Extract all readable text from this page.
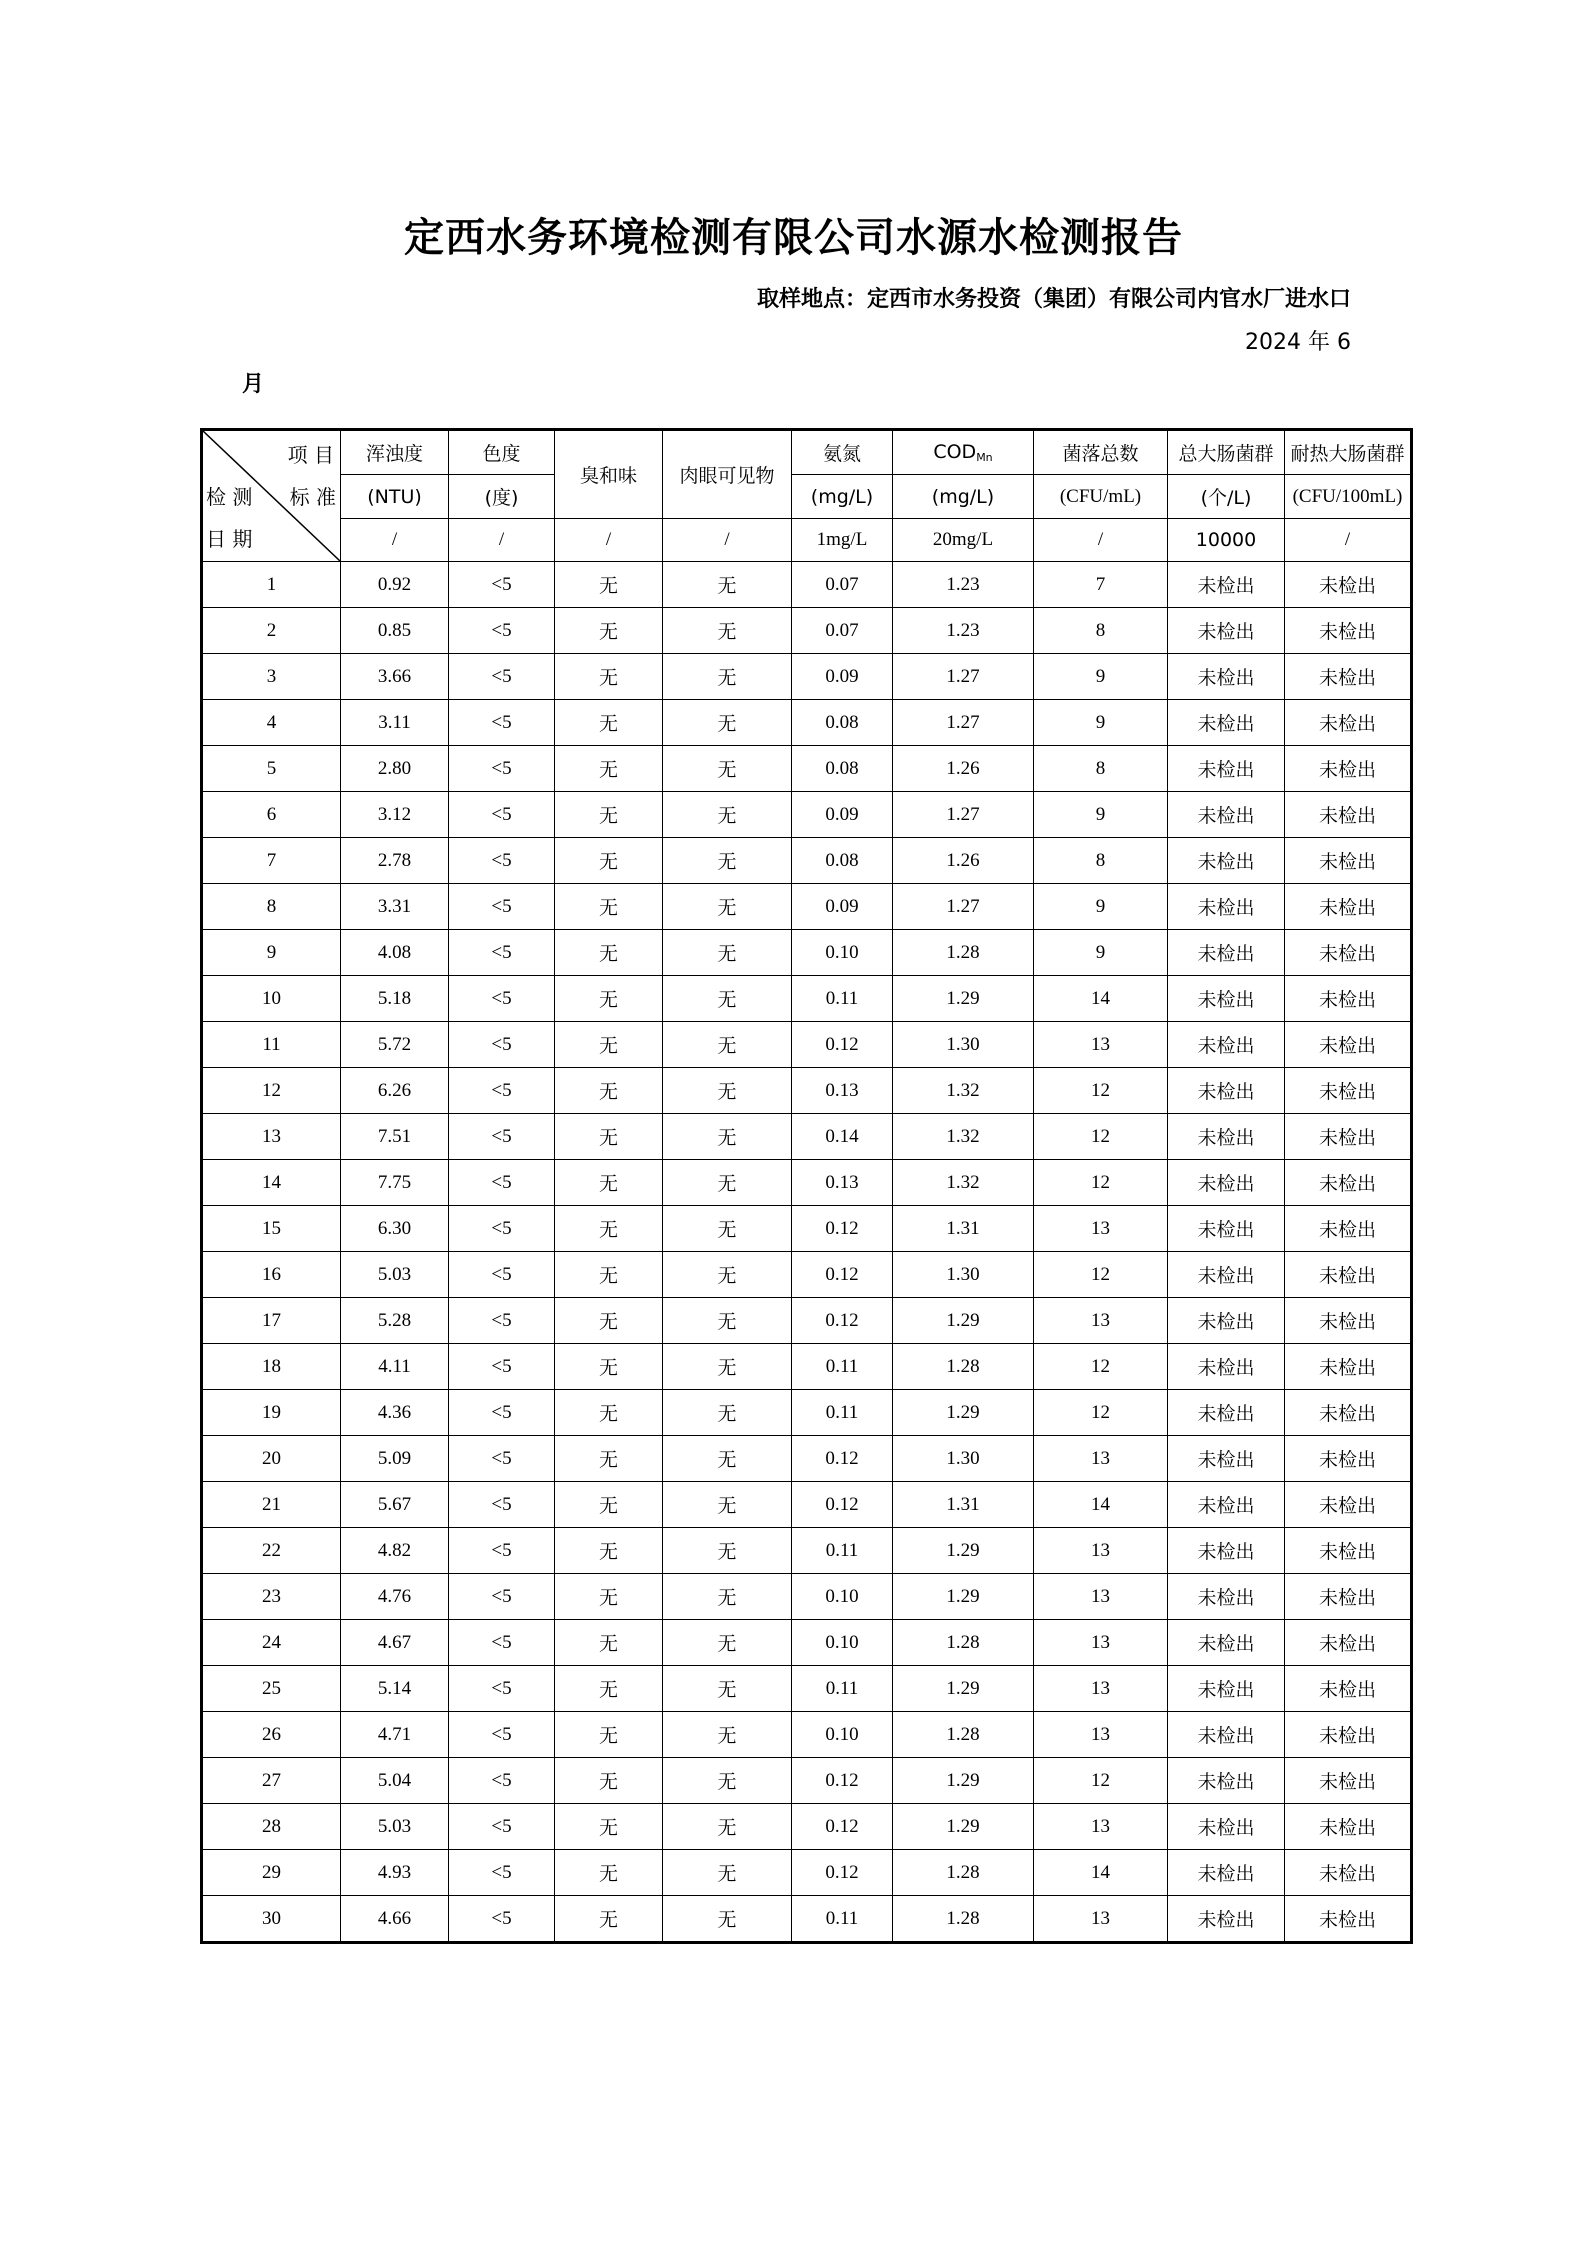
定西水务环境检测有限公司水源水检测报告
取样地点：定西市水务投资（集团）有限公司内官水厂进水口
2024 年 6
月
项 目
检 测 标 准
日 期	浑浊度	色度	臭和味	肉眼可见物	氨氮	CODMn	菌落总数	总大肠菌群	耐热大肠菌群
	(NTU)	(度)			(mg/L)	(mg/L)	(CFU/mL)	(个/L)	(CFU/100mL)
	/	/	/	/	1mg/L	20mg/L	/	10000	/
1	0.92	<5	无	无	0.07	1.23	7	未检出	未检出
2	0.85	<5	无	无	0.07	1.23	8	未检出	未检出
3	3.66	<5	无	无	0.09	1.27	9	未检出	未检出
4	3.11	<5	无	无	0.08	1.27	9	未检出	未检出
5	2.80	<5	无	无	0.08	1.26	8	未检出	未检出
6	3.12	<5	无	无	0.09	1.27	9	未检出	未检出
7	2.78	<5	无	无	0.08	1.26	8	未检出	未检出
8	3.31	<5	无	无	0.09	1.27	9	未检出	未检出
9	4.08	<5	无	无	0.10	1.28	9	未检出	未检出
10	5.18	<5	无	无	0.11	1.29	14	未检出	未检出
11	5.72	<5	无	无	0.12	1.30	13	未检出	未检出
12	6.26	<5	无	无	0.13	1.32	12	未检出	未检出
13	7.51	<5	无	无	0.14	1.32	12	未检出	未检出
14	7.75	<5	无	无	0.13	1.32	12	未检出	未检出
15	6.30	<5	无	无	0.12	1.31	13	未检出	未检出
16	5.03	<5	无	无	0.12	1.30	12	未检出	未检出
17	5.28	<5	无	无	0.12	1.29	13	未检出	未检出
18	4.11	<5	无	无	0.11	1.28	12	未检出	未检出
19	4.36	<5	无	无	0.11	1.29	12	未检出	未检出
20	5.09	<5	无	无	0.12	1.30	13	未检出	未检出
21	5.67	<5	无	无	0.12	1.31	14	未检出	未检出
22	4.82	<5	无	无	0.11	1.29	13	未检出	未检出
23	4.76	<5	无	无	0.10	1.29	13	未检出	未检出
24	4.67	<5	无	无	0.10	1.28	13	未检出	未检出
25	5.14	<5	无	无	0.11	1.29	13	未检出	未检出
26	4.71	<5	无	无	0.10	1.28	13	未检出	未检出
27	5.04	<5	无	无	0.12	1.29	12	未检出	未检出
28	5.03	<5	无	无	0.12	1.29	13	未检出	未检出
29	4.93	<5	无	无	0.12	1.28	14	未检出	未检出
30	4.66	<5	无	无	0.11	1.28	13	未检出	未检出
